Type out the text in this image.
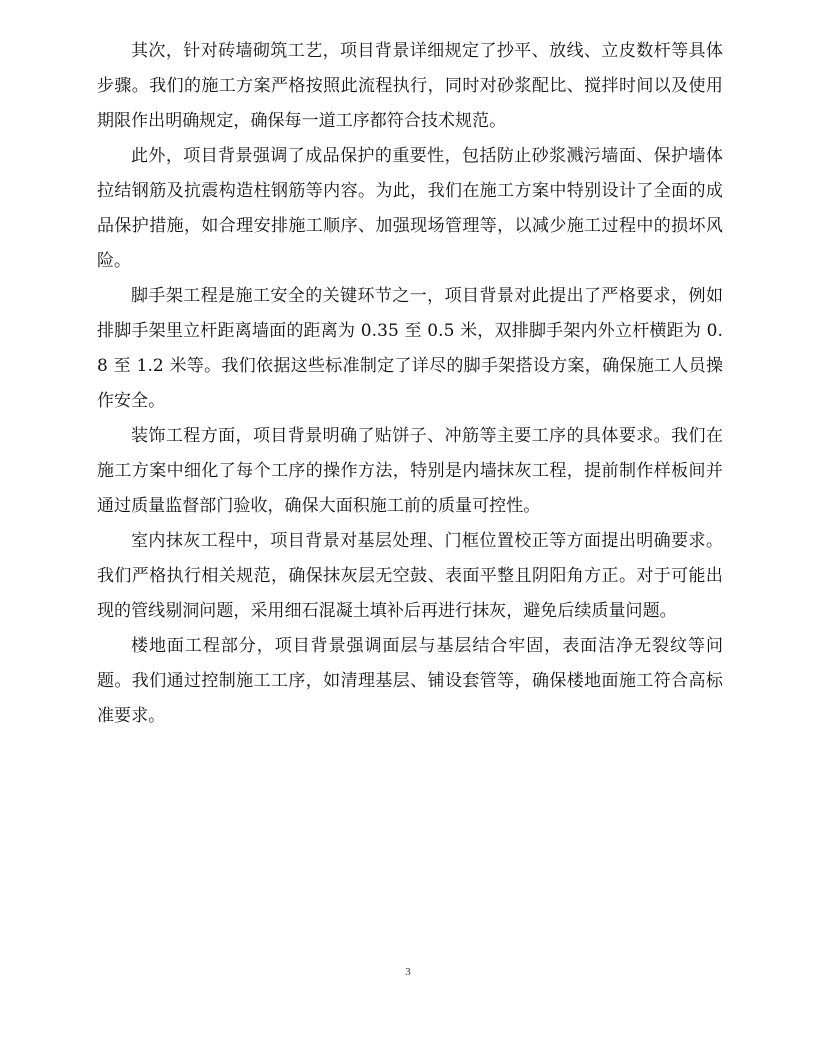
其次，针对砖墙砌筑工艺，项目背景详细规定了抄平、放线、立皮数杆等具体步骤。我们的施工方案严格按照此流程执行，同时对砂浆配比、搅拌时间以及使用期限作出明确规定，确保每一道工序都符合技术规范。

此外，项目背景强调了成品保护的重要性，包括防止砂浆溅污墙面、保护墙体拉结钢筋及抗震构造柱钢筋等内容。为此，我们在施工方案中特别设计了全面的成品保护措施，如合理安排施工顺序、加强现场管理等，以减少施工过程中的损坏风险。

脚手架工程是施工安全的关键环节之一，项目背景对此提出了严格要求，例如排脚手架里立杆距离墙面的距离为 0.35 至 0.5 米，双排脚手架内外立杆横距为 0.8 至 1.2 米等。我们依据这些标准制定了详尽的脚手架搭设方案，确保施工人员操作安全。

装饰工程方面，项目背景明确了贴饼子、冲筋等主要工序的具体要求。我们在施工方案中细化了每个工序的操作方法，特别是内墙抹灰工程，提前制作样板间并通过质量监督部门验收，确保大面积施工前的质量可控性。

室内抹灰工程中，项目背景对基层处理、门框位置校正等方面提出明确要求。我们严格执行相关规范，确保抹灰层无空鼓、表面平整且阴阳角方正。对于可能出现的管线剔洞问题，采用细石混凝土填补后再进行抹灰，避免后续质量问题。

楼地面工程部分，项目背景强调面层与基层结合牢固，表面洁净无裂纹等问题。我们通过控制施工工序，如清理基层、铺设套管等，确保楼地面施工符合高标准要求。

3
